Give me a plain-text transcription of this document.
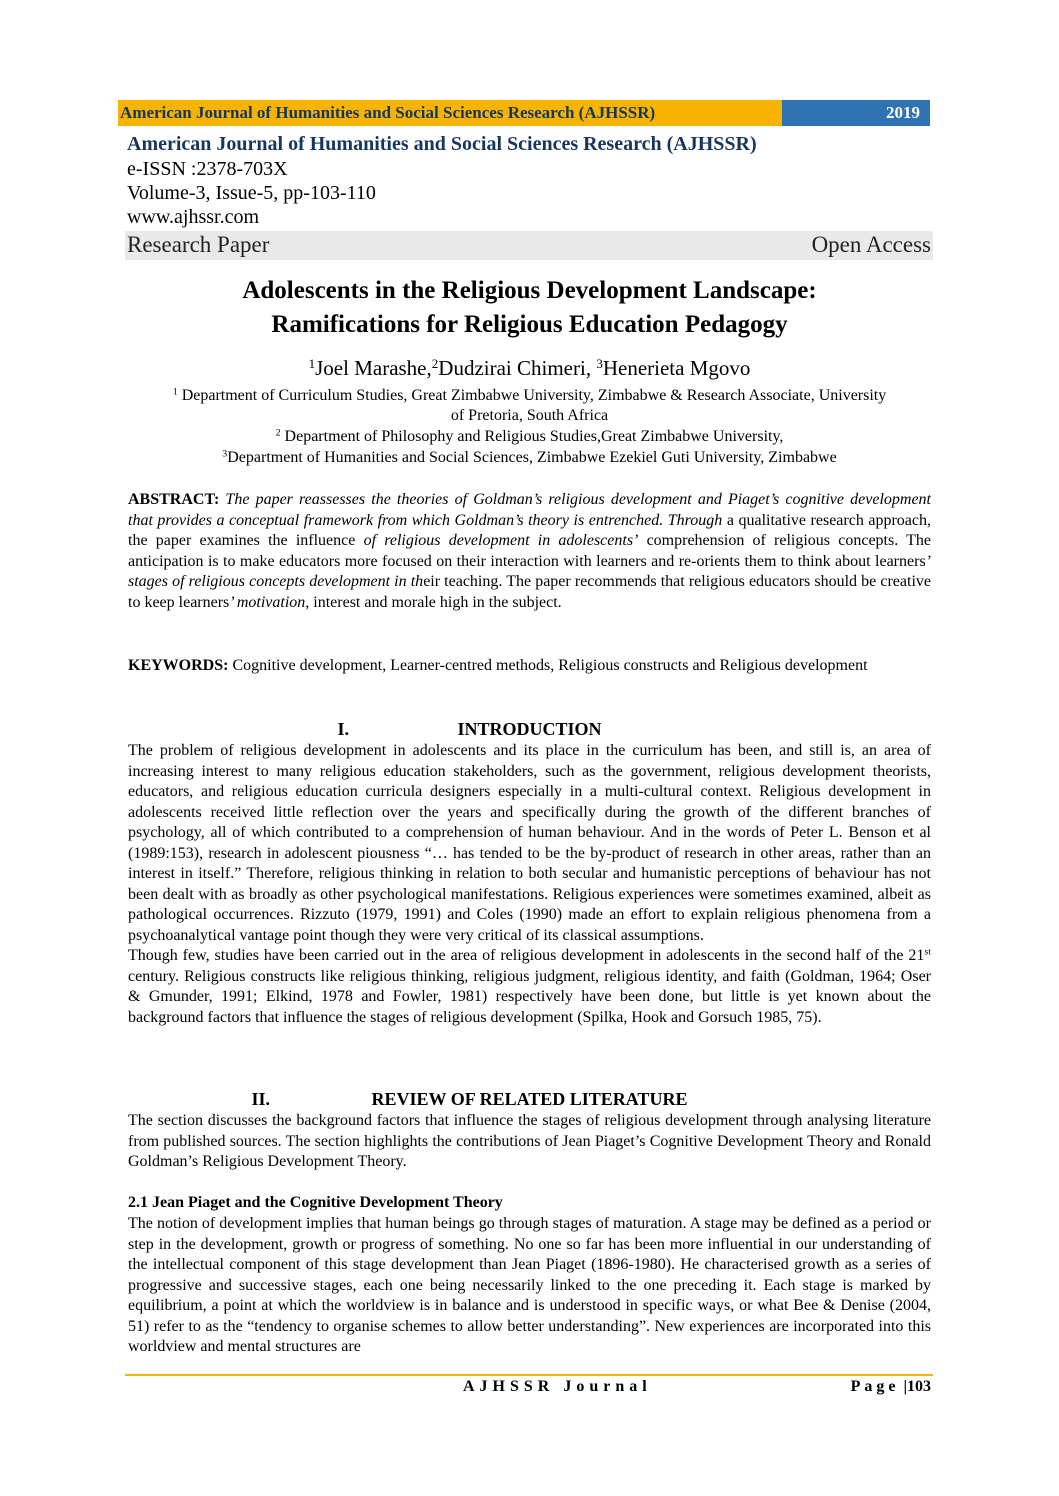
American Journal of Humanities and Social Sciences Research (AJHSSR)	2019
American Journal of Humanities and Social Sciences Research (AJHSSR)
e-ISSN :2378-703X
Volume-3, Issue-5, pp-103-110
www.ajhssr.com
Research Paper	Open Access
Adolescents in the Religious Development Landscape:
Ramifications for Religious Education Pedagogy
$^1$Joel Marashe,$^2$Dudzirai Chimeri, $^3$Henerieta Mgovo
$^1$ Department of Curriculum Studies, Great Zimbabwe University, Zimbabwe & Research Associate, University
of Pretoria, South Africa
$^2$ Department of Philosophy and Religious Studies,Great Zimbabwe University,
$^3$Department of Humanities and Social Sciences, Zimbabwe Ezekiel Guti University, Zimbabwe
ABSTRACT: The paper reassesses the theories of Goldman’s religious development and Piaget’s cognitive development that provides a conceptual framework from which Goldman’s theory is entrenched. Through a qualitative research approach, the paper examines the influence of religious development in adolescents’ comprehension of religious concepts. The anticipation is to make educators more focused on their interaction with learners and re-orients them to think about learners’ stages of religious concepts development in their teaching. The paper recommends that religious educators should be creative to keep learners’ motivation, interest and morale high in the subject.
KEYWORDS: Cognitive development, Learner-centred methods, Religious constructs and Religious development
I.	INTRODUCTION
The problem of religious development in adolescents and its place in the curriculum has been, and still is, an area of increasing interest to many religious education stakeholders, such as the government, religious development theorists, educators, and religious education curricula designers especially in a multi-cultural context. Religious development in adolescents received little reflection over the years and specifically during the growth of the different branches of psychology, all of which contributed to a comprehension of human behaviour. And in the words of Peter L. Benson et al (1989:153), research in adolescent piousness “… has tended to be the by-product of research in other areas, rather than an interest in itself.” Therefore, religious thinking in relation to both secular and humanistic perceptions of behaviour has not been dealt with as broadly as other psychological manifestations. Religious experiences were sometimes examined, albeit as pathological occurrences. Rizzuto (1979, 1991) and Coles (1990) made an effort to explain religious phenomena from a psychoanalytical vantage point though they were very critical of its classical assumptions.
Though few, studies have been carried out in the area of religious development in adolescents in the second half of the 21st century. Religious constructs like religious thinking, religious judgment, religious identity, and faith (Goldman, 1964; Oser & Gmunder, 1991; Elkind, 1978 and Fowler, 1981) respectively have been done, but little is yet known about the background factors that influence the stages of religious development (Spilka, Hook and Gorsuch 1985, 75).
II.	REVIEW OF RELATED LITERATURE
The section discusses the background factors that influence the stages of religious development through analysing literature from published sources. The section highlights the contributions of Jean Piaget’s Cognitive Development Theory and Ronald Goldman’s Religious Development Theory.
2.1 Jean Piaget and the Cognitive Development Theory
The notion of development implies that human beings go through stages of maturation. A stage may be defined as a period or step in the development, growth or progress of something. No one so far has been more influential in our understanding of the intellectual component of this stage development than Jean Piaget (1896-1980). He characterised growth as a series of progressive and successive stages, each one being necessarily linked to the one preceding it. Each stage is marked by equilibrium, a point at which the worldview is in balance and is understood in specific ways, or what Bee & Denise (2004, 51) refer to as the “tendency to organise schemes to allow better understanding”. New experiences are incorporated into this worldview and mental structures are
AJHSSR Journal	Page |103
